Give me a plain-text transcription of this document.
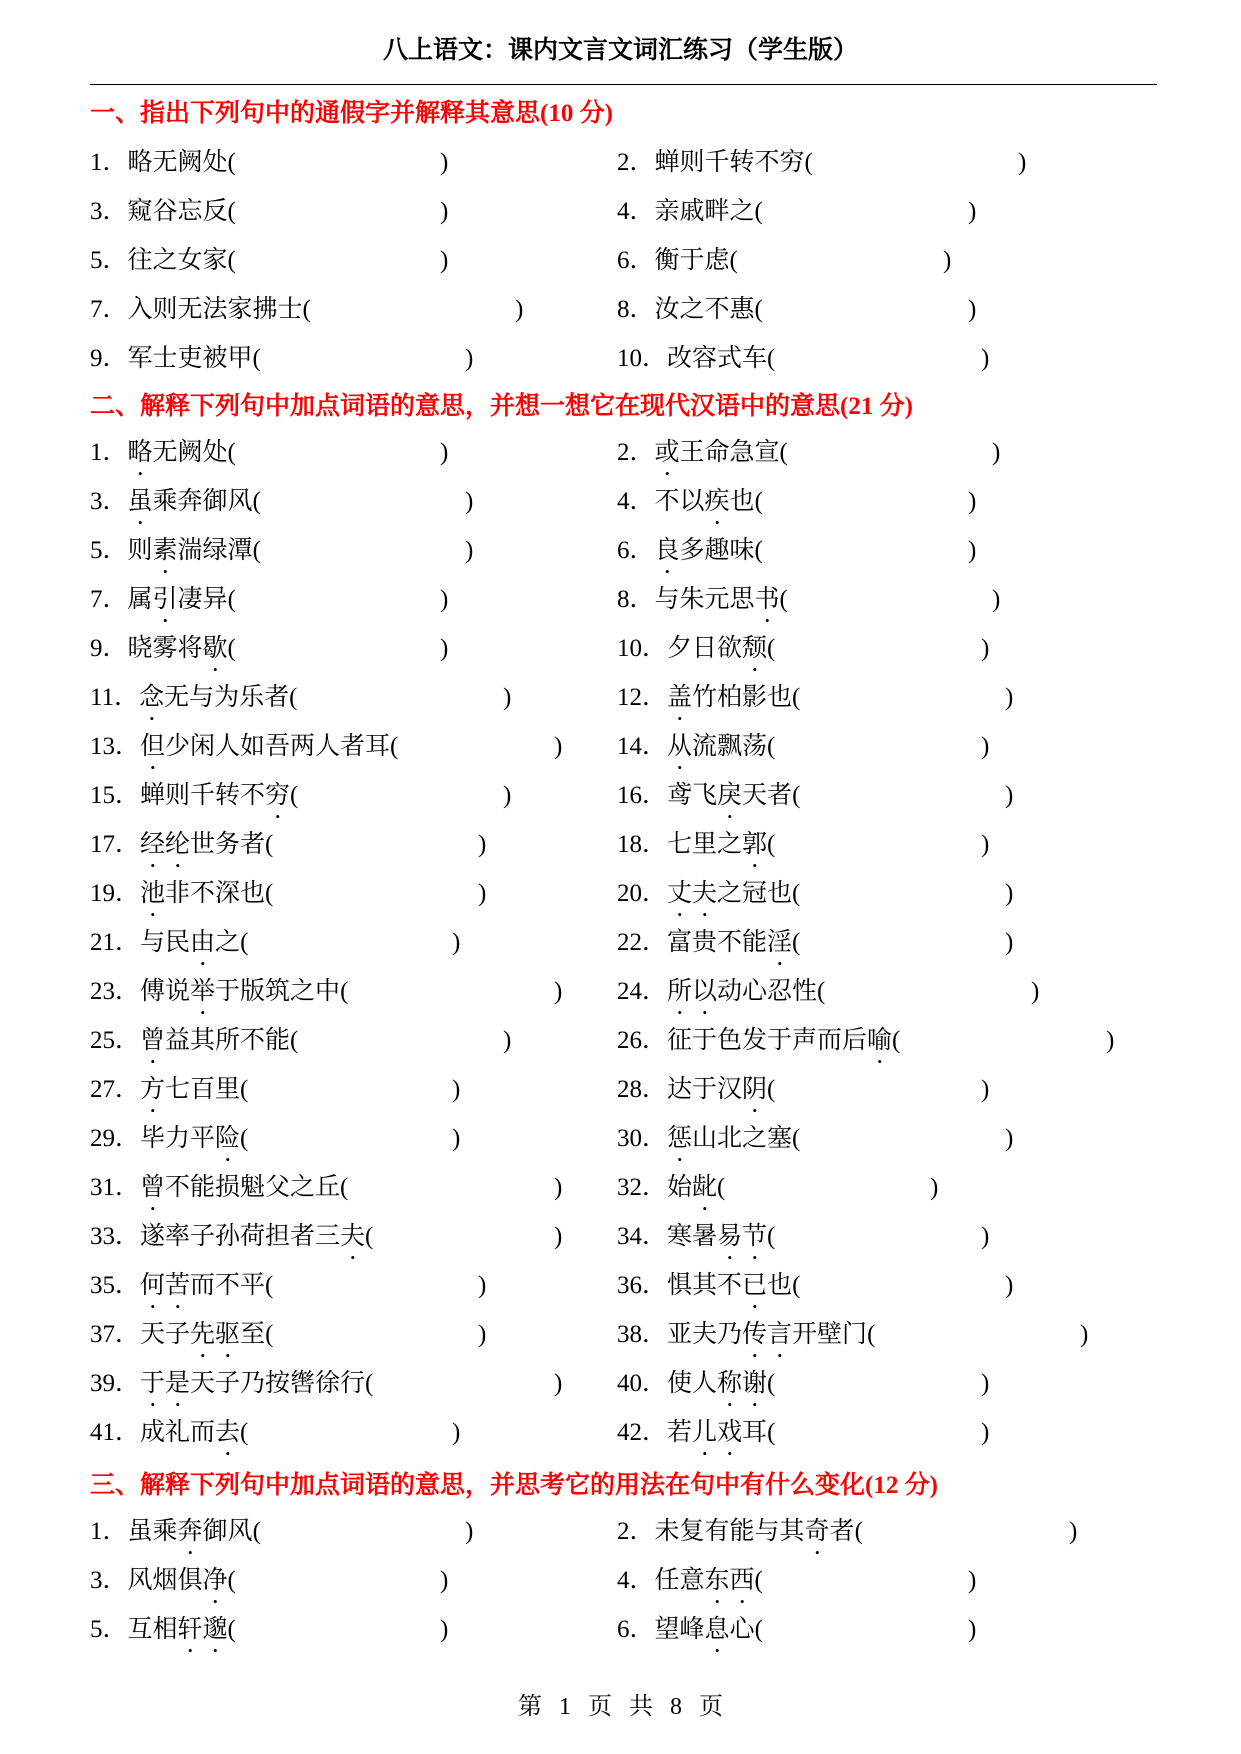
八上语文：课内文言文词汇练习（学生版）
第 1 页 共 8 页
一、指出下列句中的通假字并解释其意思(10 分)
1．略无阙处(	)	2．蝉则千转不穷(	)
3．窥谷忘反(	)	4．亲戚畔之(	)
5．往之女家(	)	6．衡于虑(	)
7．入则无法家拂士(	)	8．汝之不惠(	)
9．军士吏被甲(	)	10．改容式车(	)
二、解释下列句中加点词语的意思，并想一想它在现代汉语中的意思(21 分)
1．略无阙处(	)	2．或王命急宣(	)
3．虽乘奔御风(	)	4．不以疾也(	)
5．则素湍绿潭(	)	6．良多趣味(	)
7．属引凄异(	)	8．与朱元思书(	)
9．晓雾将歇(	)	10．夕日欲颓(	)
11．念无与为乐者(	)	12．盖竹柏影也(	)
13．但少闲人如吾两人者耳(	) 14．从流飘荡(	)
15．蝉则千转不穷(	)	16．鸢飞戾天者(	)
17．经纶世务者(	)	18．七里之郭(	)
19．池非不深也(	)	20．丈夫之冠也(	)
21．与民由之(	)	22．富贵不能淫(	)
23．傅说举于版筑之中(	) 24．所以动心忍性(	)
25．曾益其所不能(	)	26．征于色发于声而后喻(	)
27．方七百里(	)	28．达于汉阴(	)
29．毕力平险(	)	30．惩山北之塞(	)
31．曾不能损魁父之丘(	) 32．始龀(	)
33．遂率子孙荷担者三夫(	) 34．寒暑易节(	)
35．何苦而不平(	)	36．惧其不已也(	)
37．天子先驱至(	)	38．亚夫乃传言开壁门(	)
39．于是天子乃按辔徐行(	) 40．使人称谢(	)
41．成礼而去(	)	42．若儿戏耳(	)
三、解释下列句中加点词语的意思，并思考它的用法在句中有什么变化(12 分)
1．虽乘奔御风(	)	2．未复有能与其奇者(	)
3．风烟俱净(	)	4．任意东西(	)
5．互相轩邈(	)	6．望峰息心(	)
